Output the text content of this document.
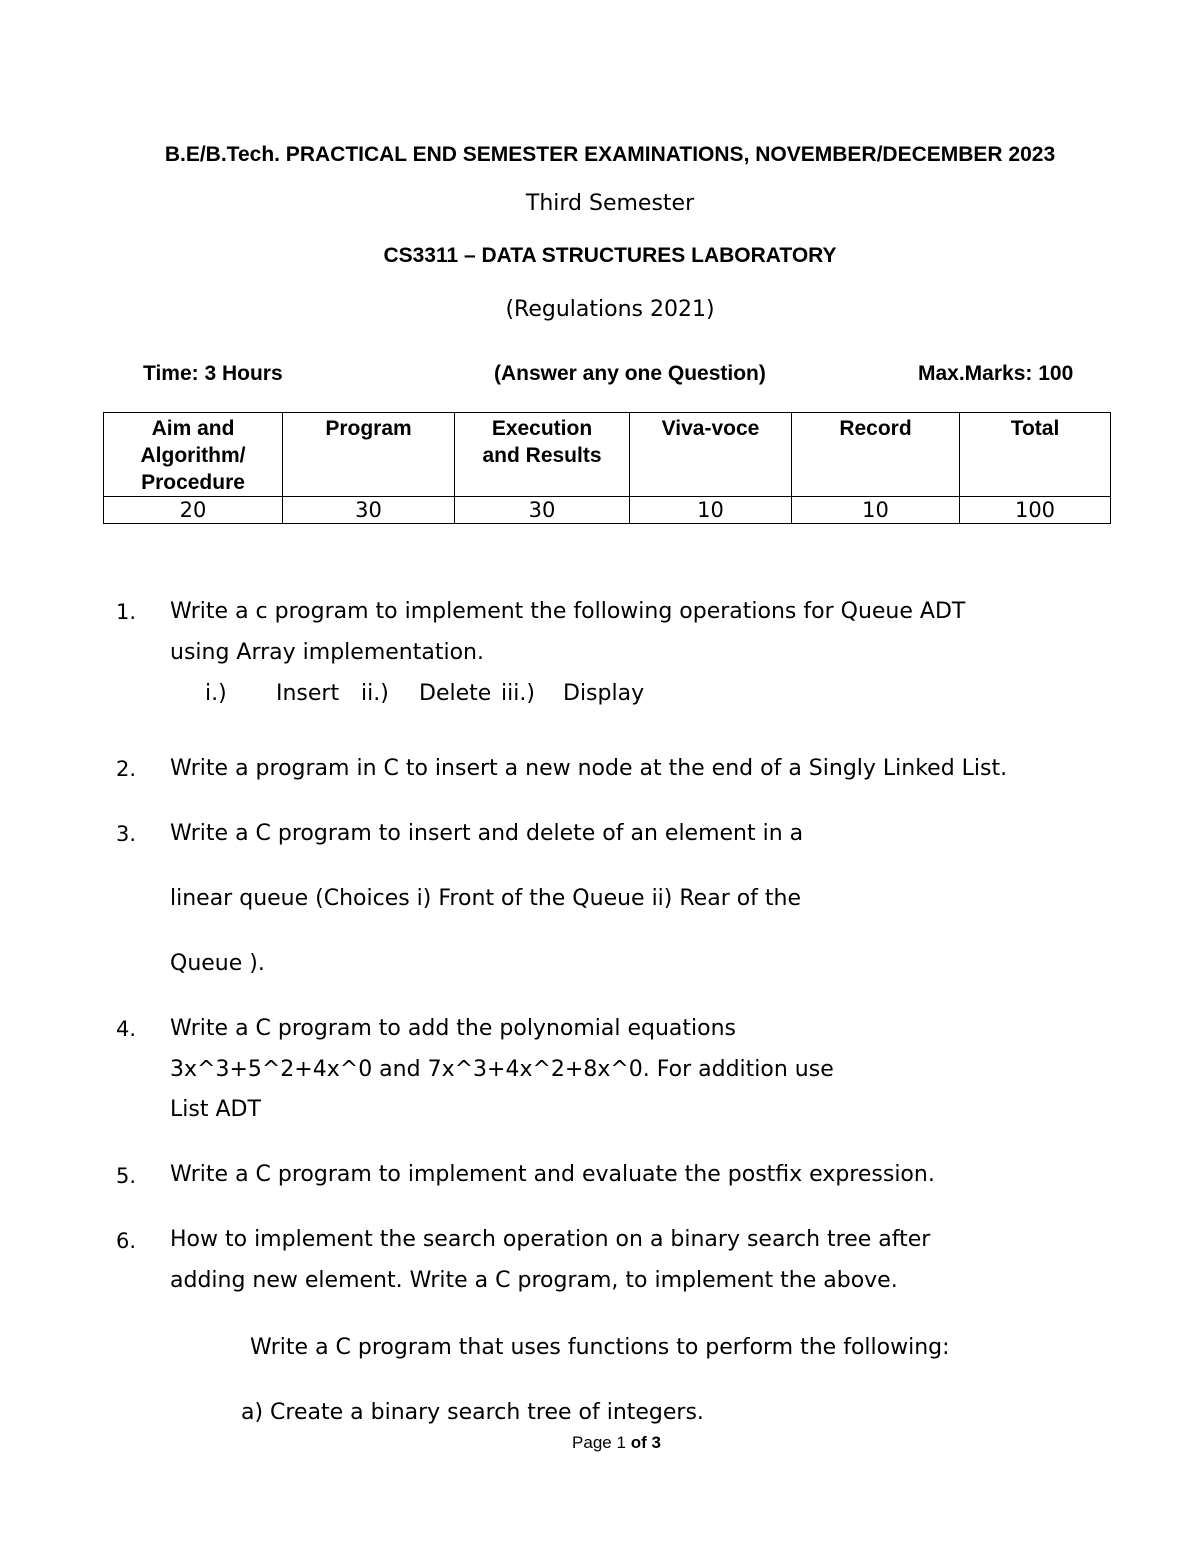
B.E/B.Tech. PRACTICAL END SEMESTER EXAMINATIONS, NOVEMBER/DECEMBER 2023
Third Semester
CS3311 – DATA STRUCTURES LABORATORY
(Regulations 2021)
Time: 3 Hours	(Answer any one Question)	Max.Marks: 100
Aim and Algorithm/ Procedure	Program	Execution and Results	Viva-voce	Record	Total

20	30	30	10	10	100
1. Write a c program to implement the following operations for Queue ADT
using Array implementation.
i.) Insert ii.) Delete iii.) Display
2. Write a program in C to insert a new node at the end of a Singly Linked List.
3. Write a C program to insert and delete of an element in a
linear queue (Choices i) Front of the Queue ii) Rear of the
Queue ).
4. Write a C program to add the polynomial equations
3x^3+5^2+4x^0 and 7x^3+4x^2+8x^0. For addition use
List ADT
5. Write a C program to implement and evaluate the postfix expression.
6. How to implement the search operation on a binary search tree after
adding new element. Write a C program, to implement the above.
Write a C program that uses functions to perform the following:
a) Create a binary search tree of integers.
Page 1 of 3
